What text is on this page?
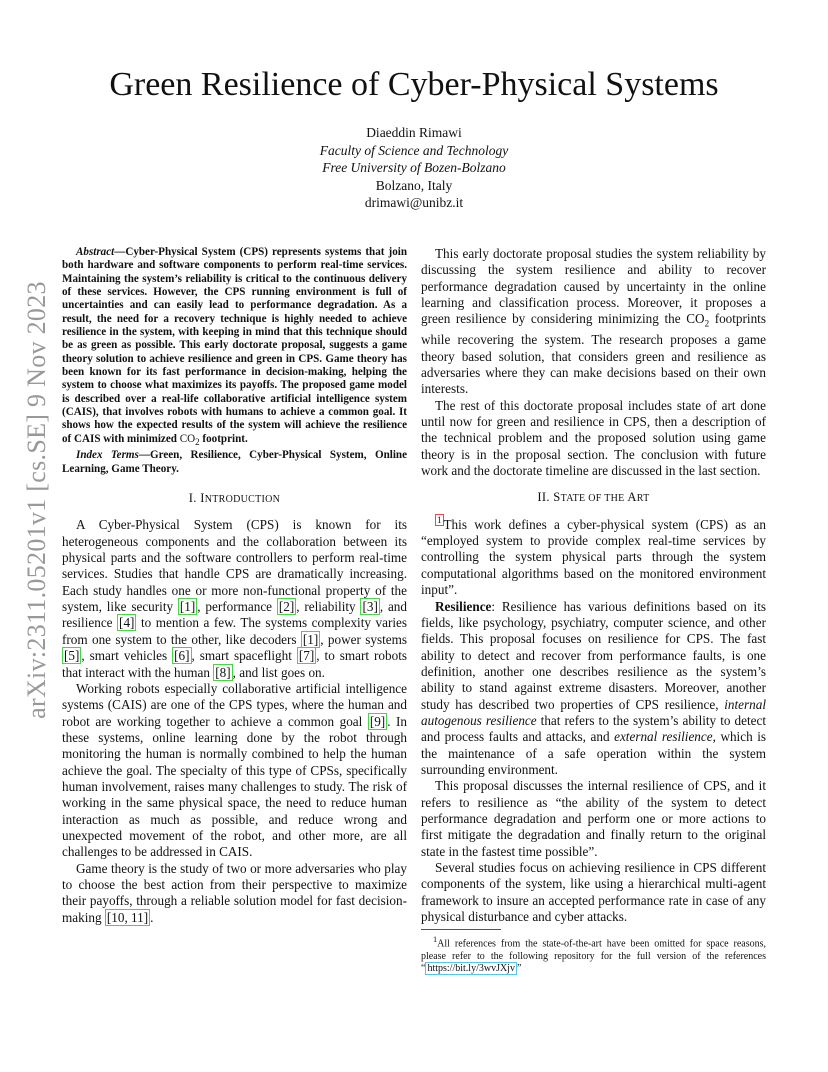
arXiv:2311.05201v1 [cs.SE] 9 Nov 2023
Green Resilience of Cyber-Physical Systems
Diaeddin Rimawi
Faculty of Science and Technology
Free University of Bozen-Bolzano
Bolzano, Italy
drimawi@unibz.it

Abstract—Cyber-Physical System (CPS) represents systems that join both hardware and software components to perform real-time services. Maintaining the system’s reliability is critical to the continuous delivery of these services. However, the CPS running environment is full of uncertainties and can easily lead to performance degradation. As a result, the need for a recovery technique is highly needed to achieve resilience in the system, with keeping in mind that this technique should be as green as possible. This early doctorate proposal, suggests a game theory solution to achieve resilience and green in CPS. Game theory has been known for its fast performance in decision-making, helping the system to choose what maximizes its payoffs. The proposed game model is described over a real-life collaborative artificial intelligence system (CAIS), that involves robots with humans to achieve a common goal. It shows how the expected results of the system will achieve the resilience of CAIS with minimized $CO_2$ footprint.

Index Terms—Green, Resilience, Cyber-Physical System, Online Learning, Game Theory.

I. INTRODUCTION

A Cyber-Physical System (CPS) is known for its heterogeneous components and the collaboration between its physical parts and the software controllers to perform real-time services. Studies that handle CPS are dramatically increasing. Each study handles one or more non-functional property of the system, like security [1] , performance [2] , reliability [3] , and resilience [4] to mention a few. The systems complexity varies from one system to the other, like decoders [1] , power systems [5] , smart vehicles [6] , smart spaceflight [7] , to smart robots that interact with the human [8] , and list goes on.

Working robots especially collaborative artificial intelligence systems (CAIS) are one of the CPS types, where the human and robot are working together to achieve a common goal [9] . In these systems, online learning done by the robot through monitoring the human is normally combined to help the human achieve the goal. The specialty of this type of CPSs, specifically human involvement, raises many challenges to study. The risk of working in the same physical space, the need to reduce human interaction as much as possible, and reduce wrong and unexpected movement of the robot, and other more, are all challenges to be addressed in CAIS.

Game theory is the study of two or more adversaries who play to choose the best action from their perspective to maximize their payoffs, through a reliable solution model for fast decision-making [10, 11] .

This early doctorate proposal studies the system reliability by discussing the system resilience and ability to recover performance degradation caused by uncertainty in the online learning and classification process. Moreover, it proposes a green resilience by considering minimizing the $CO_2$ footprints while recovering the system. The research proposes a game theory based solution, that considers green and resilience as adversaries where they can make decisions based on their own interests.

The rest of this doctorate proposal includes state of art done until now for green and resilience in CPS, then a description of the technical problem and the proposed solution using game theory is in the proposal section. The conclusion with future work and the doctorate timeline are discussed in the last section.

II. STATE OF THE ART

$^1$ This work defines a cyber-physical system (CPS) as an “employed system to provide complex real-time services by controlling the system physical parts through the system computational algorithms based on the monitored environment input”.

Resilience: Resilience has various definitions based on its fields, like psychology, psychiatry, computer science, and other fields. This proposal focuses on resilience for CPS. The fast ability to detect and recover from performance faults, is one definition, another one describes resilience as the system’s ability to stand against extreme disasters. Moreover, another study has described two properties of CPS resilience, internal autogenous resilience that refers to the system’s ability to detect and process faults and attacks, and external resilience, which is the maintenance of a safe operation within the system surrounding environment.

This proposal discusses the internal resilience of CPS, and it refers to resilience as “the ability of the system to detect performance degradation and perform one or more actions to first mitigate the degradation and finally return to the original state in the fastest time possible”.

Several studies focus on achieving resilience in CPS different components of the system, like using a hierarchical multi-agent framework to insure an accepted performance rate in case of any physical disturbance and cyber attacks.

$^1$All references from the state-of-the-art have been omitted for space reasons, please refer to the following repository for the full version of the references “ https://bit.ly/3wvJXjv ”
